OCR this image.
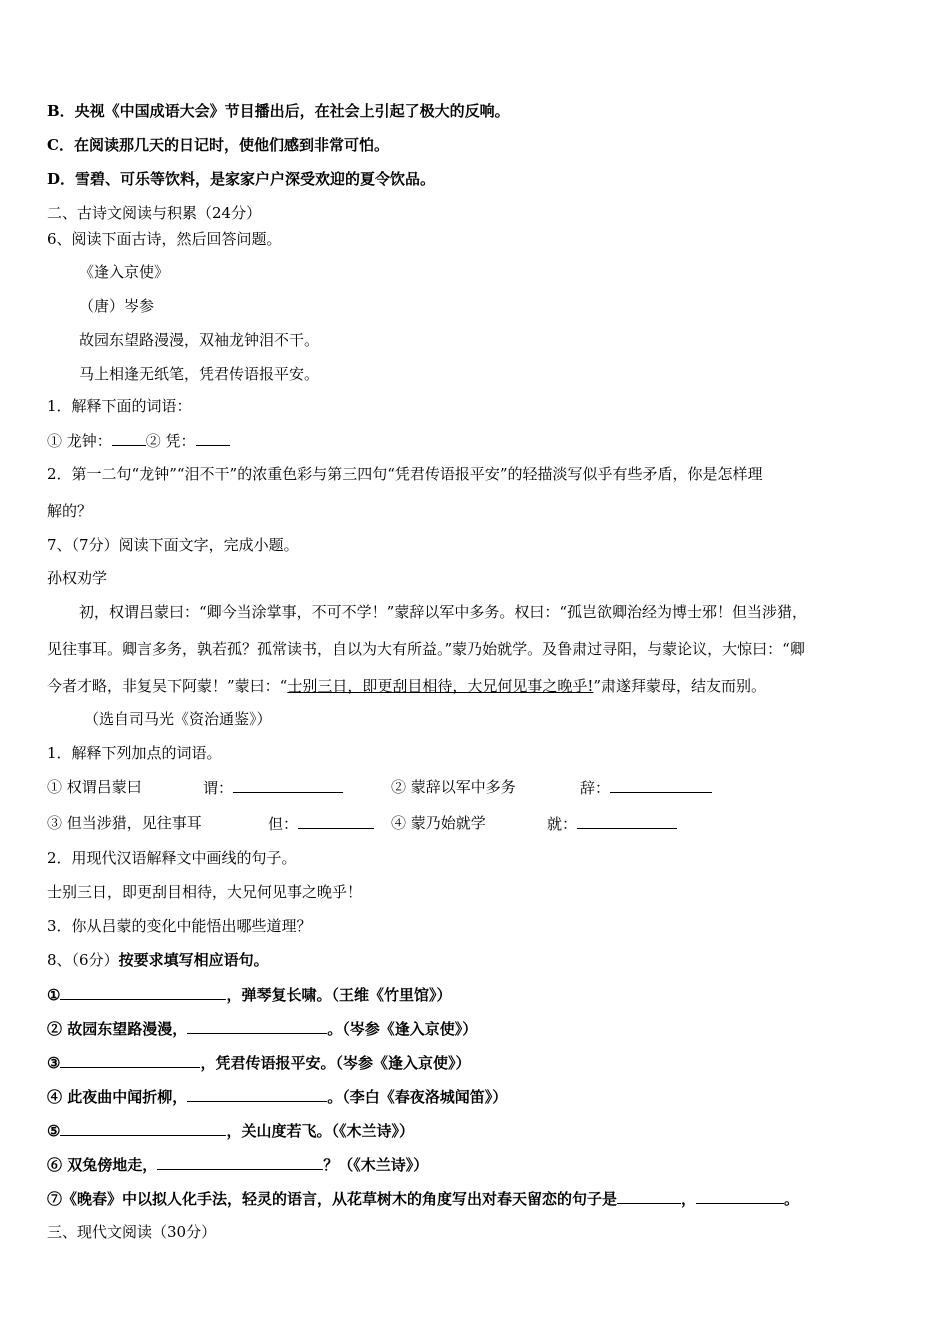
B．央视《中国成语大会》节目播出后，在社会上引起了极大的反响。
C．在阅读那几天的日记时，使他们感到非常可怕。
D．雪碧、可乐等饮料，是家家户户深受欢迎的夏令饮品。
二、古诗文阅读与积累（24分）
6、阅读下面古诗，然后回答问题。
《逢入京使》
（唐）岑参
故园东望路漫漫，双袖龙钟泪不干。
马上相逢无纸笔，凭君传语报平安。
1．解释下面的词语：
① 龙钟： ② 凭：
2．第一二句“龙钟”“泪不干”的浓重色彩与第三四句“凭君传语报平安”的轻描淡写似乎有些矛盾，你是怎样理
解的？
7、（7分）阅读下面文字，完成小题。
孙权劝学
初，权谓吕蒙曰：“卿今当涂掌事，不可不学！”蒙辞以军中多务。权曰：“孤岂欲卿治经为博士邪！但当涉猎，
见往事耳。卿言多务，孰若孤？孤常读书，自以为大有所益。”蒙乃始就学。及鲁肃过寻阳，与蒙论议，大惊曰：“卿
今者才略，非复吴下阿蒙！”蒙曰：“士别三日，即更刮目相待，大兄何见事之晚乎!”肃遂拜蒙母，结友而别。
（选自司马光《资治通鉴》）
1．解释下列加点的词语。
① 权谓吕蒙曰	谓：	② 蒙辞以军中多务	辞：
③ 但当涉猎，见往事耳	但：	④ 蒙乃始就学	就：
2．用现代汉语解释文中画线的句子。
士别三日，即更刮目相待，大兄何见事之晚乎！
3．你从吕蒙的变化中能悟出哪些道理？
8、（6分）按要求填写相应语句。
①	，弹琴复长啸。（王维《竹里馆》）
② 故园东望路漫漫，	。（岑参《逢入京使》）
③	，凭君传语报平安。（岑参《逢入京使》）
④ 此夜曲中闻折柳，	。（李白《春夜洛城闻笛》）
⑤	，关山度若飞。（《木兰诗》）
⑥ 双兔傍地走，	？（《木兰诗》）
⑦《晚春》中以拟人化手法，轻灵的语言，从花草树木的角度写出对春天留恋的句子是	，	。
三、现代文阅读（30分）
